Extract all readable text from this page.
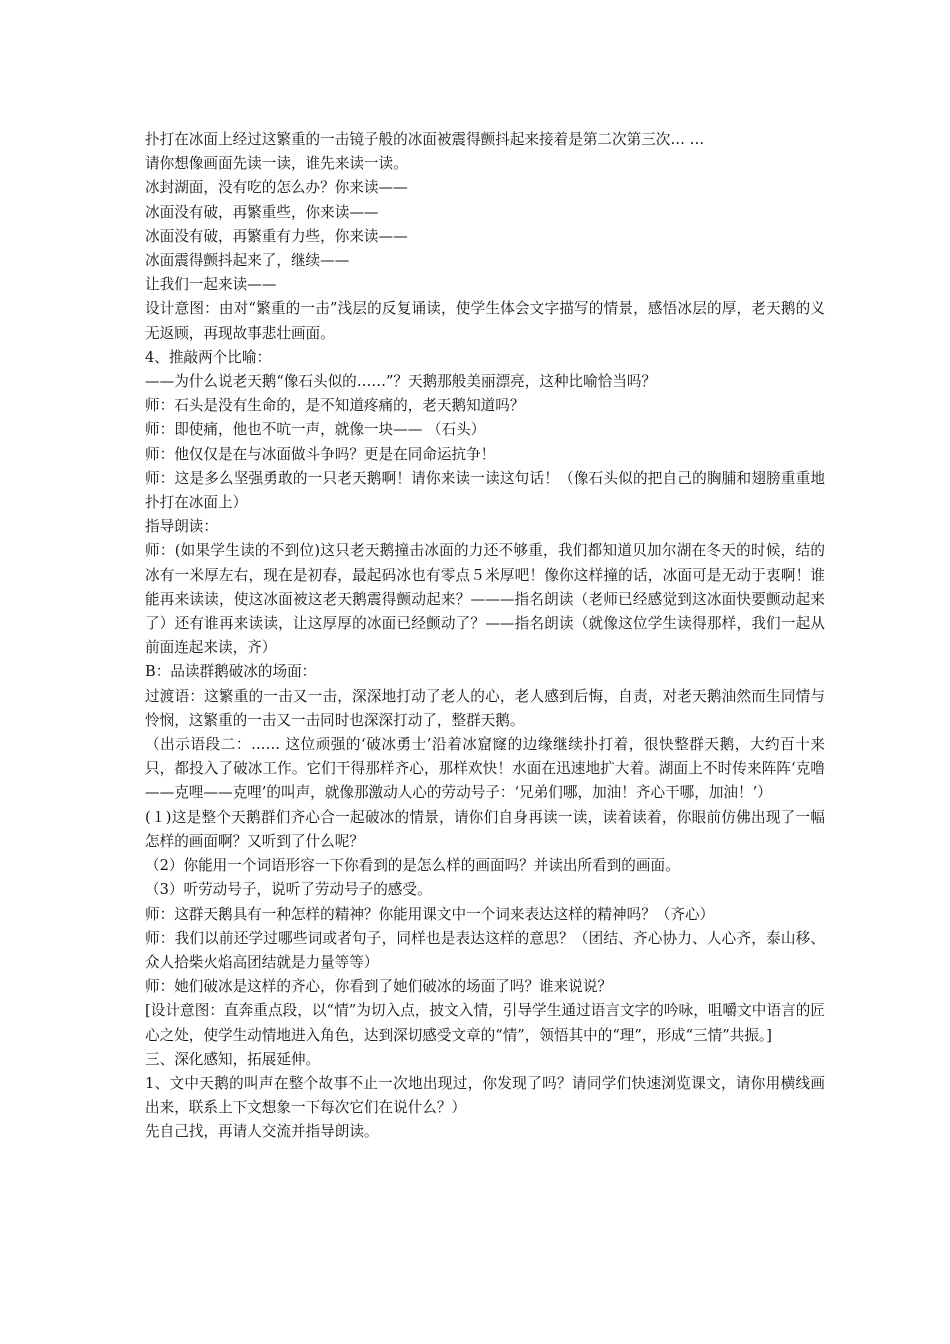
扑打在冰面上经过这繁重的一击镜子般的冰面被震得颤抖起来接着是第二次第三次… …

请你想像画面先读一读，谁先来读一读。

冰封湖面，没有吃的怎么办？你来读——

冰面没有破，再繁重些，你来读——

冰面没有破，再繁重有力些，你来读——

冰面震得颤抖起来了，继续——

让我们一起来读——

设计意图：由对“繁重的一击”浅层的反复诵读，使学生体会文字描写的情景，感悟冰层的厚，老天鹅的义无返顾，再现故事悲壮画面。

4、推敲两个比喻：

——为什么说老天鹅“像石头似的……”？天鹅那般美丽漂亮，这种比喻恰当吗？

师：石头是没有生命的，是不知道疼痛的，老天鹅知道吗？

师：即使痛，他也不吭一声，就像一块—— （石头）

师：他仅仅是在与冰面做斗争吗？更是在同命运抗争！

师：这是多么坚强勇敢的一只老天鹅啊！请你来读一读这句话！（像石头似的把自己的胸脯和翅膀重重地扑打在冰面上）

指导朗读：

师：(如果学生读的不到位)这只老天鹅撞击冰面的力还不够重，我们都知道贝加尔湖在冬天的时候，结的冰有一米厚左右，现在是初春，最起码冰也有零点５米厚吧！像你这样撞的话，冰面可是无动于衷啊！谁能再来读读，使这冰面被这老天鹅震得颤动起来？———指名朗读（老师已经感觉到这冰面快要颤动起来了）还有谁再来读读，让这厚厚的冰面已经颤动了？——指名朗读（就像这位学生读得那样，我们一起从前面连起来读，齐）

B：品读群鹅破冰的场面：

过渡语：这繁重的一击又一击，深深地打动了老人的心，老人感到后悔，自责，对老天鹅油然而生同情与怜悯，这繁重的一击又一击同时也深深打动了，整群天鹅。

（出示语段二：…… 这位顽强的‘破冰勇士’沿着冰窟窿的边缘继续扑打着，很快整群天鹅，大约百十来只，都投入了破冰工作。它们干得那样齐心，那样欢快！水面在迅速地扩大着。湖面上不时传来阵阵‘克噜——克哩——克哩’的叫声，就像那激动人心的劳动号子：‘兄弟们哪，加油！齐心干哪，加油！’）

(１)这是整个天鹅群们齐心合一起破冰的情景，请你们自身再读一读，读着读着，你眼前仿佛出现了一幅怎样的画面啊？又听到了什么呢？

（2）你能用一个词语形容一下你看到的是怎么样的画面吗？并读出所看到的画面。

（3）听劳动号子，说听了劳动号子的感受。

师：这群天鹅具有一种怎样的精神？你能用课文中一个词来表达这样的精神吗？（齐心）

师：我们以前还学过哪些词或者句子，同样也是表达这样的意思？（团结、齐心协力、人心齐，泰山移、众人拾柴火焰高团结就是力量等等）

师：她们破冰是这样的齐心，你看到了她们破冰的场面了吗？谁来说说？

[设计意图：直奔重点段，以“情”为切入点，披文入情，引导学生通过语言文字的吟咏，咀嚼文中语言的匠心之处，使学生动情地进入角色，达到深切感受文章的“情”，领悟其中的“理”，形成“三情”共振。]

三、深化感知，拓展延伸。

1、文中天鹅的叫声在整个故事不止一次地出现过，你发现了吗？请同学们快速浏览课文，请你用横线画出来，联系上下文想象一下每次它们在说什么？）

先自己找，再请人交流并指导朗读。
